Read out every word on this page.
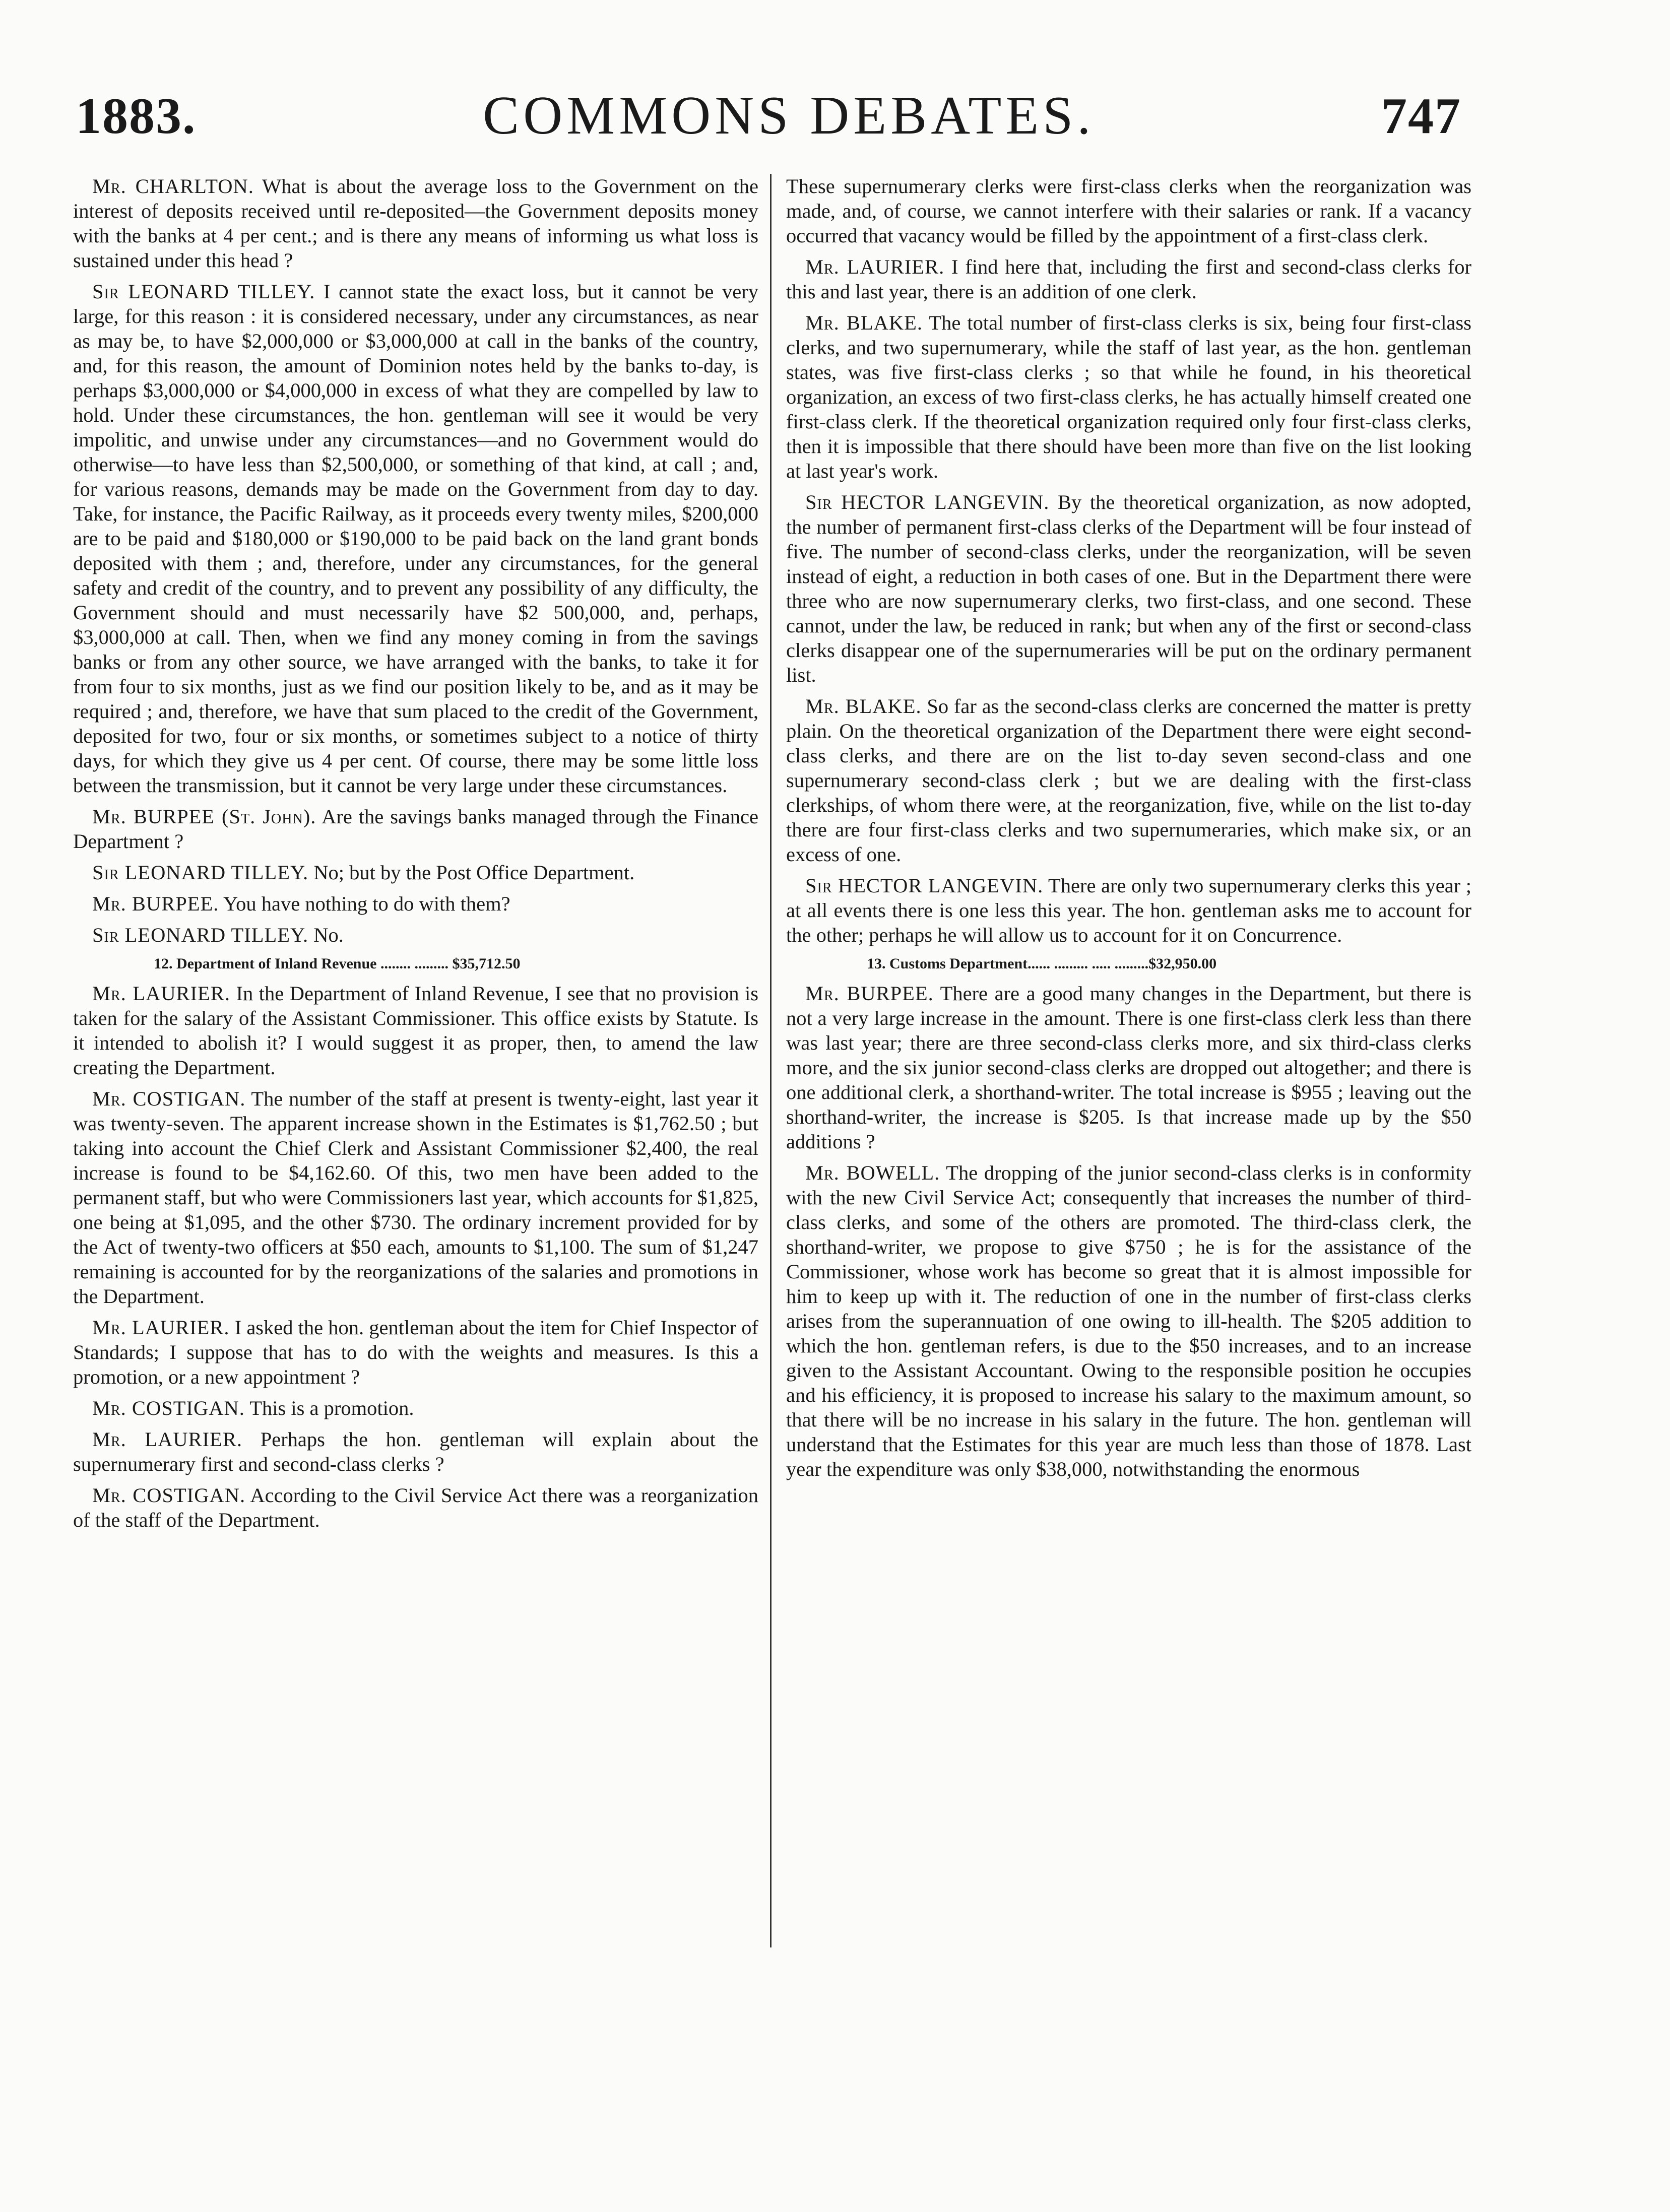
1883.	COMMONS DEBATES.	747

Mr. CHARLTON. What is about the average loss to the Government on the interest of deposits received until re-deposited—the Government deposits money with the banks at 4 per cent.; and is there any means of informing us what loss is sustained under this head ?

Sir LEONARD TILLEY. I cannot state the exact loss, but it cannot be very large, for this reason : it is considered necessary, under any circumstances, as near as may be, to have $2,000,000 or $3,000,000 at call in the banks of the country, and, for this reason, the amount of Dominion notes held by the banks to-day, is perhaps $3,000,000 or $4,000,000 in excess of what they are compelled by law to hold. Under these circumstances, the hon. gentleman will see it would be very impolitic, and unwise under any circumstances—and no Government would do otherwise—to have less than $2,500,000, or something of that kind, at call ; and, for various reasons, demands may be made on the Government from day to day. Take, for instance, the Pacific Railway, as it proceeds every twenty miles, $200,000 are to be paid and $180,000 or $190,000 to be paid back on the land grant bonds deposited with them ; and, therefore, under any circumstances, for the general safety and credit of the country, and to prevent any possibility of any difficulty, the Government should and must necessarily have $2 500,000, and, perhaps, $3,000,000 at call. Then, when we find any money coming in from the savings banks or from any other source, we have arranged with the banks, to take it for from four to six months, just as we find our position likely to be, and as it may be required ; and, therefore, we have that sum placed to the credit of the Government, deposited for two, four or six months, or sometimes subject to a notice of thirty days, for which they give us 4 per cent. Of course, there may be some little loss between the transmission, but it cannot be very large under these circumstances.

Mr. BURPEE (St. John). Are the savings banks managed through the Finance Department ?

Sir LEONARD TILLEY. No; but by the Post Office Department.

Mr. BURPEE. You have nothing to do with them?

Sir LEONARD TILLEY. No.

12. Department of Inland Revenue ........ ......... $35,712.50

Mr. LAURIER. In the Department of Inland Revenue, I see that no provision is taken for the salary of the Assistant Commissioner. This office exists by Statute. Is it intended to abolish it? I would suggest it as proper, then, to amend the law creating the Department.

Mr. COSTIGAN. The number of the staff at present is twenty-eight, last year it was twenty-seven. The apparent increase shown in the Estimates is $1,762.50 ; but taking into account the Chief Clerk and Assistant Commissioner $2,400, the real increase is found to be $4,162.60. Of this, two men have been added to the permanent staff, but who were Commissioners last year, which accounts for $1,825, one being at $1,095, and the other $730. The ordinary increment provided for by the Act of twenty-two officers at $50 each, amounts to $1,100. The sum of $1,247 remaining is accounted for by the reorganizations of the salaries and promotions in the Department.

Mr. LAURIER. I asked the hon. gentleman about the item for Chief Inspector of Standards; I suppose that has to do with the weights and measures. Is this a promotion, or a new appointment ?

Mr. COSTIGAN. This is a promotion.

Mr. LAURIER. Perhaps the hon. gentleman will explain about the supernumerary first and second-class clerks ?

Mr. COSTIGAN. According to the Civil Service Act there was a reorganization of the staff of the Department.

These supernumerary clerks were first-class clerks when the reorganization was made, and, of course, we cannot interfere with their salaries or rank. If a vacancy occurred that vacancy would be filled by the appointment of a first-class clerk.

Mr. LAURIER. I find here that, including the first and second-class clerks for this and last year, there is an addition of one clerk.

Mr. BLAKE. The total number of first-class clerks is six, being four first-class clerks, and two supernumerary, while the staff of last year, as the hon. gentleman states, was five first-class clerks ; so that while he found, in his theoretical organization, an excess of two first-class clerks, he has actually himself created one first-class clerk. If the theoretical organization required only four first-class clerks, then it is impossible that there should have been more than five on the list looking at last year's work.

Sir HECTOR LANGEVIN. By the theoretical organization, as now adopted, the number of permanent first-class clerks of the Department will be four instead of five. The number of second-class clerks, under the reorganization, will be seven instead of eight, a reduction in both cases of one. But in the Department there were three who are now supernumerary clerks, two first-class, and one second. These cannot, under the law, be reduced in rank; but when any of the first or second-class clerks disappear one of the supernumeraries will be put on the ordinary permanent list.

Mr. BLAKE. So far as the second-class clerks are concerned the matter is pretty plain. On the theoretical organization of the Department there were eight second-class clerks, and there are on the list to-day seven second-class and one supernumerary second-class clerk ; but we are dealing with the first-class clerkships, of whom there were, at the reorganization, five, while on the list to-day there are four first-class clerks and two supernumeraries, which make six, or an excess of one.

Sir HECTOR LANGEVIN. There are only two supernumerary clerks this year ; at all events there is one less this year. The hon. gentleman asks me to account for the other; perhaps he will allow us to account for it on Concurrence.

13. Customs Department...... ......... ..... .........$32,950.00

Mr. BURPEE. There are a good many changes in the Department, but there is not a very large increase in the amount. There is one first-class clerk less than there was last year; there are three second-class clerks more, and six third-class clerks more, and the six junior second-class clerks are dropped out altogether; and there is one additional clerk, a shorthand-writer. The total increase is $955 ; leaving out the shorthand-writer, the increase is $205. Is that increase made up by the $50 additions ?

Mr. BOWELL. The dropping of the junior second-class clerks is in conformity with the new Civil Service Act; consequently that increases the number of third-class clerks, and some of the others are promoted. The third-class clerk, the shorthand-writer, we propose to give $750 ; he is for the assistance of the Commissioner, whose work has become so great that it is almost impossible for him to keep up with it. The reduction of one in the number of first-class clerks arises from the superannuation of one owing to ill-health. The $205 addition to which the hon. gentleman refers, is due to the $50 increases, and to an increase given to the Assistant Accountant. Owing to the responsible position he occupies and his efficiency, it is proposed to increase his salary to the maximum amount, so that there will be no increase in his salary in the future. The hon. gentleman will understand that the Estimates for this year are much less than those of 1878. Last year the expenditure was only $38,000, notwithstanding the enormous
